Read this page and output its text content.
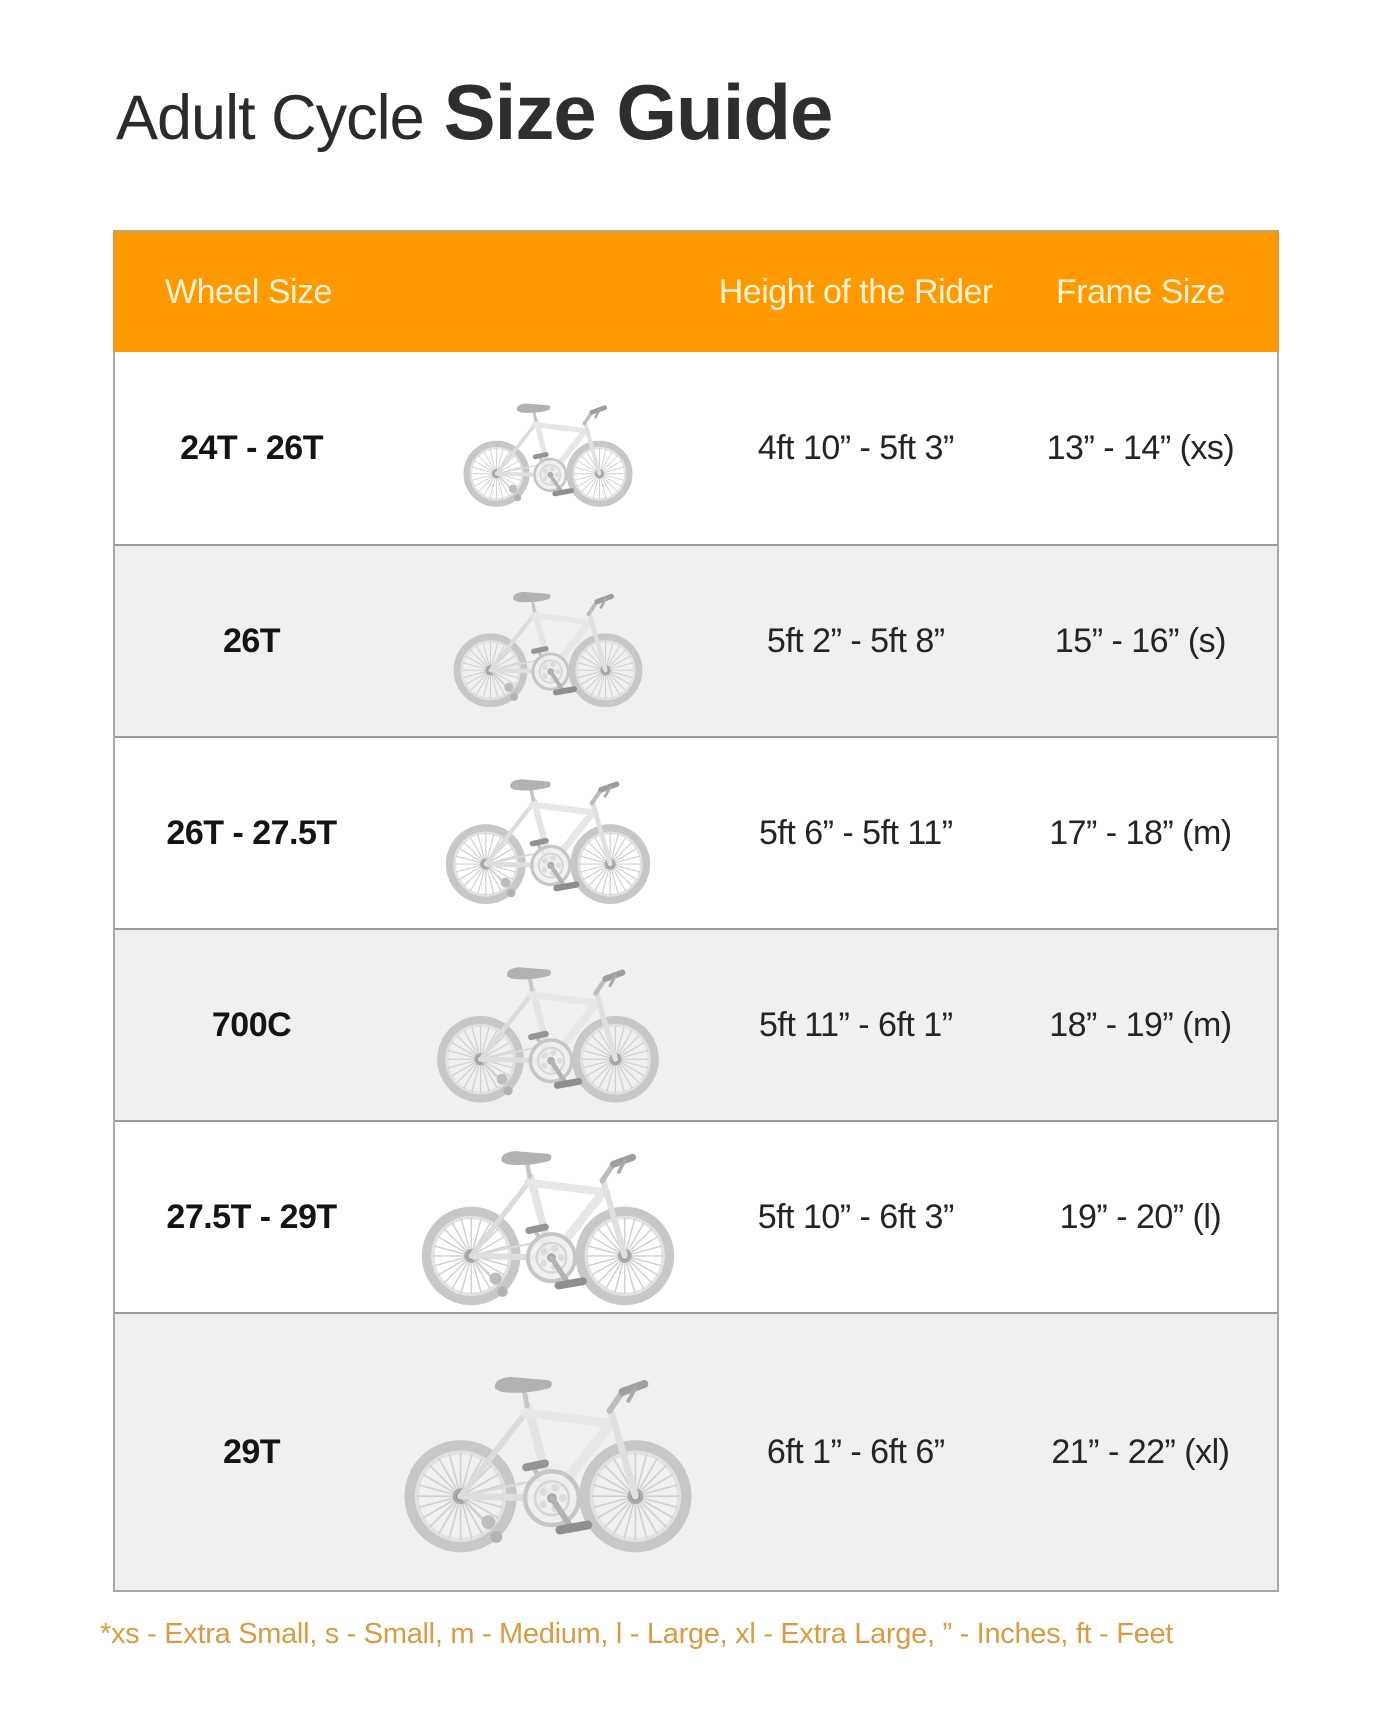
Adult Cycle Size Guide
Wheel Size	Height of the Rider	Frame Size
24T - 26T	4ft 10” - 5ft 3”	13” - 14” (xs)
26T	5ft 2” - 5ft 8”	15” - 16” (s)
26T - 27.5T	5ft 6” - 5ft 11”	17” - 18” (m)
700C	5ft 11” - 6ft 1”	18” - 19” (m)
27.5T - 29T	5ft 10” - 6ft 3”	19” - 20” (l)
29T	6ft 1” - 6ft 6”	21” - 22” (xl)
*xs - Extra Small, s - Small, m - Medium, l - Large, xl - Extra Large, ” - Inches, ft - Feet
